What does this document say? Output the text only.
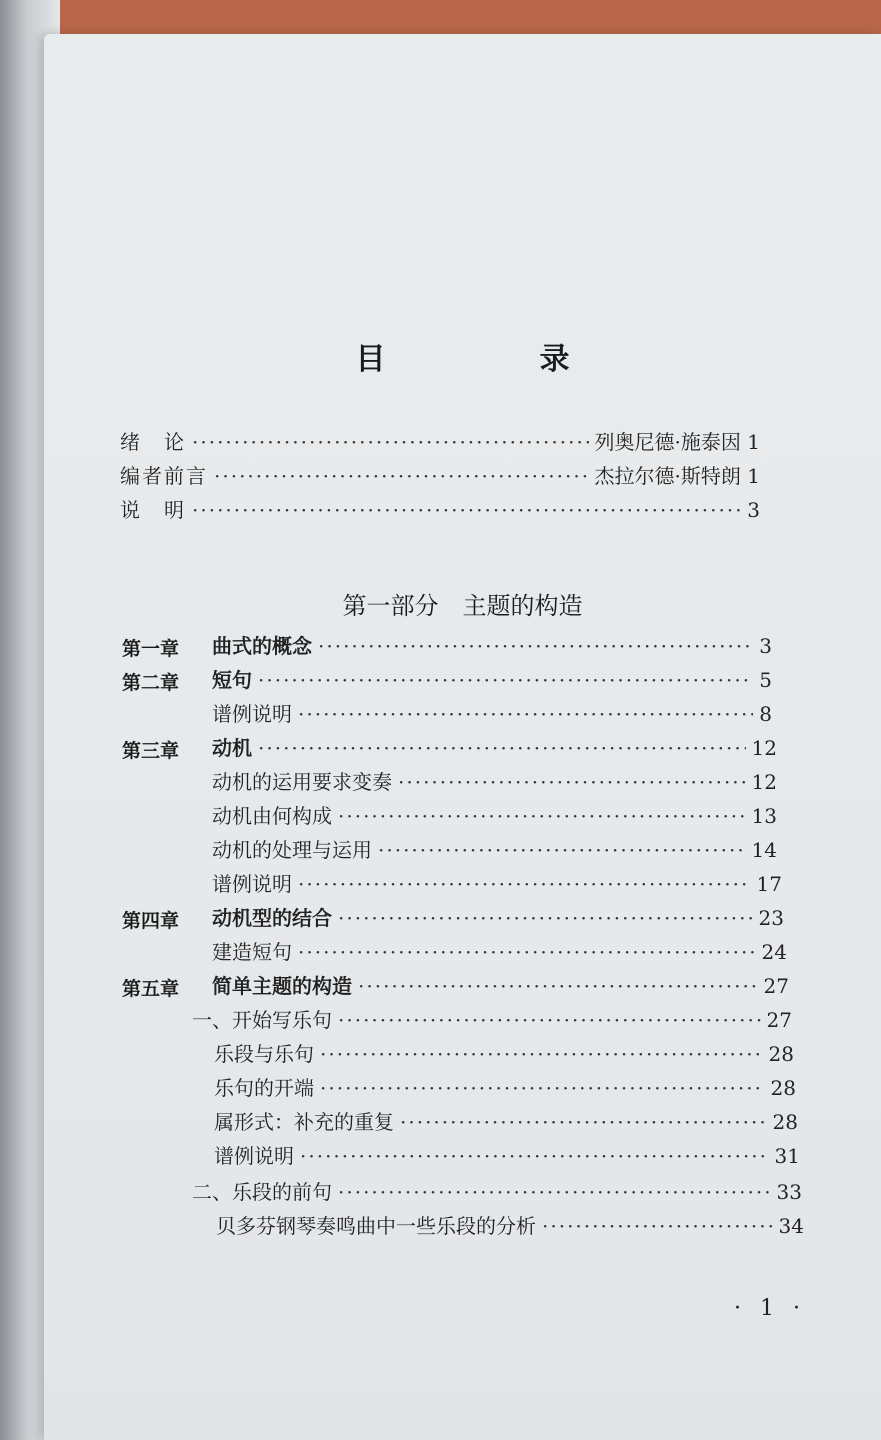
目　录
绪　论 ·····	列奥尼德·施泰因 1
编者前言 ·····	杰拉尔德·斯特朗 1
说　明 ·····	3
第一部分 主题的构造
第一章 曲式的概念 ·····	3
第二章 短句 ·····	5
谱例说明 ·····	8
第三章 动机 ·····	12
动机的运用要求变奏 ·····	12
动机由何构成 ·····	13
动机的处理与运用 ·····	14
谱例说明 ·····	17
第四章 动机型的结合 ·····	23
建造短句 ·····	24
第五章 简单主题的构造 ·····	27
一、开始写乐句 ·····	27
乐段与乐句 ·····	28
乐句的开端 ·····	28
属形式：补充的重复 ·····	28
谱例说明 ·····	31
二、乐段的前句 ·····	33
贝多芬钢琴奏鸣曲中一些乐段的分析 ·····	34
· 1 ·
